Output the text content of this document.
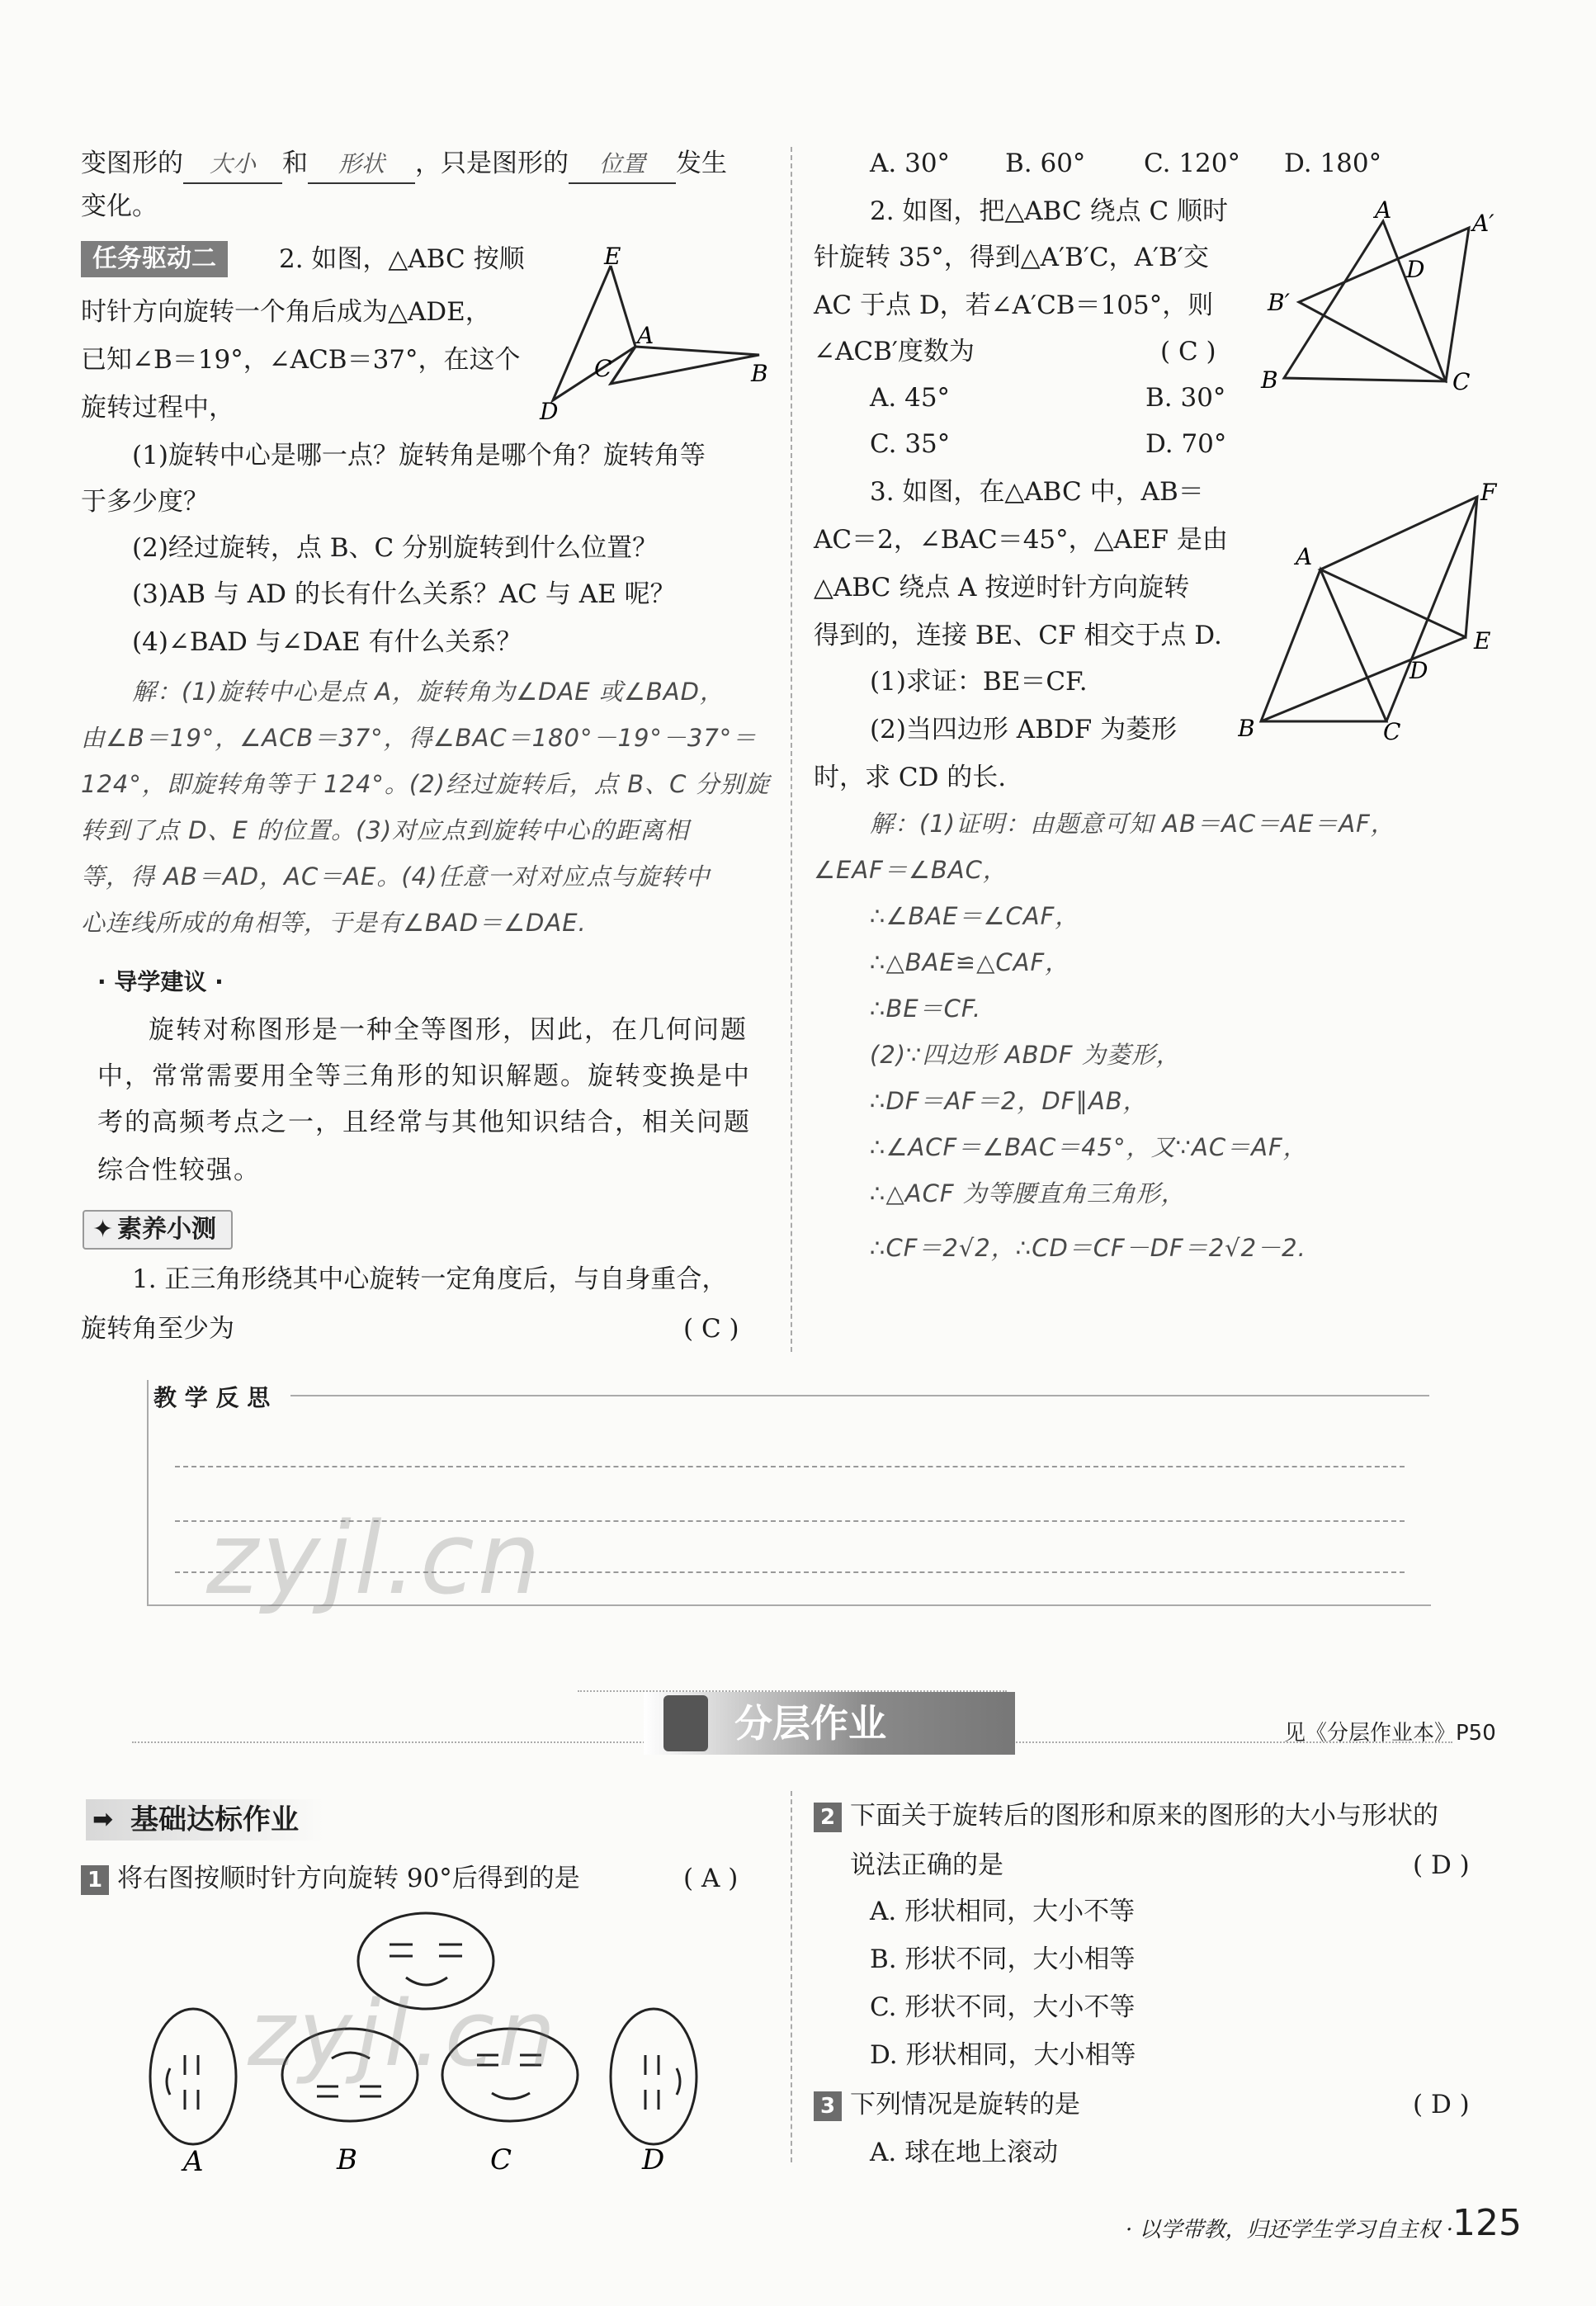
变图形的 大小 和 形状 ，只是图形的 位置 发生
变化。
任务驱动二	2. 如图，△ABC 按顺
时针方向旋转一个角后成为△ADE，
已知∠B＝19°，∠ACB＝37°，在这个
旋转过程中，
E
A
C	B
D
(1)旋转中心是哪一点？旋转角是哪个角？旋转角等
于多少度？
(2)经过旋转，点 B、C 分别旋转到什么位置？
(3)AB 与 AD 的长有什么关系？AC 与 AE 呢？
(4)∠BAD 与∠DAE 有什么关系？
解：(1)旋转中心是点 A，旋转角为∠DAE 或∠BAD，
由∠B＝19°，∠ACB＝37°，得∠BAC＝180°－19°－37°＝
124°，即旋转角等于 124°。(2)经过旋转后，点 B、C 分别旋
转到了点 D、E 的位置。(3)对应点到旋转中心的距离相
等，得 AB＝AD，AC＝AE。(4)任意一对对应点与旋转中
心连线所成的角相等，于是有∠BAD＝∠DAE.
· 导学建议 ·
旋转对称图形是一种全等图形，因此，在几何问题
中，常常需要用全等三角形的知识解题。旋转变换是中
考的高频考点之一，且经常与其他知识结合，相关问题
综合性较强。
✦ 素养小测
1. 正三角形绕其中心旋转一定角度后，与自身重合，
旋转角至少为	( C )
A. 30° B. 60° C. 120° D. 180°
2. 如图，把△ABC 绕点 C 顺时
针旋转 35°，得到△A′B′C，A′B′交
AC 于点 D，若∠A′CB＝105°，则
∠ACB′度数为	( C )
A. 45°	B. 30°
C. 35°	D. 70°
A	A′
D
B′
B	C
3. 如图，在△ABC 中，AB＝
AC＝2，∠BAC＝45°，△AEF 是由
△ABC 绕点 A 按逆时针方向旋转
得到的，连接 BE、CF 相交于点 D.
(1)求证：BE＝CF.
(2)当四边形 ABDF 为菱形
时，求 CD 的长.
F
A
E
D
B	C
解：(1)证明：由题意可知 AB＝AC＝AE＝AF，
∠EAF＝∠BAC，
∴∠BAE＝∠CAF，
∴△BAE≌△CAF，
∴BE＝CF.
(2)∵四边形 ABDF 为菱形，
∴DF＝AF＝2，DF∥AB，
∴∠ACF＝∠BAC＝45°，又∵AC＝AF，
∴△ACF 为等腰直角三角形，
∴CF＝2√2，∴CD＝CF－DF＝2√2－2.
教 学 反 思
zyjl.cn
分层作业	见《分层作业本》P50
➡ 基础达标作业
1 将右图按顺时针方向旋转 90°后得到的是	( A )
A	B	C	D
zyjl.cn
2 下面关于旋转后的图形和原来的图形的大小与形状的
说法正确的是	( D )
A. 形状相同，大小不等
B. 形状不同，大小相等
C. 形状不同，大小不等
D. 形状相同，大小相等
3 下列情况是旋转的是	( D )
A. 球在地上滚动
· 以学带教，归还学生学习自主权 ·
125
